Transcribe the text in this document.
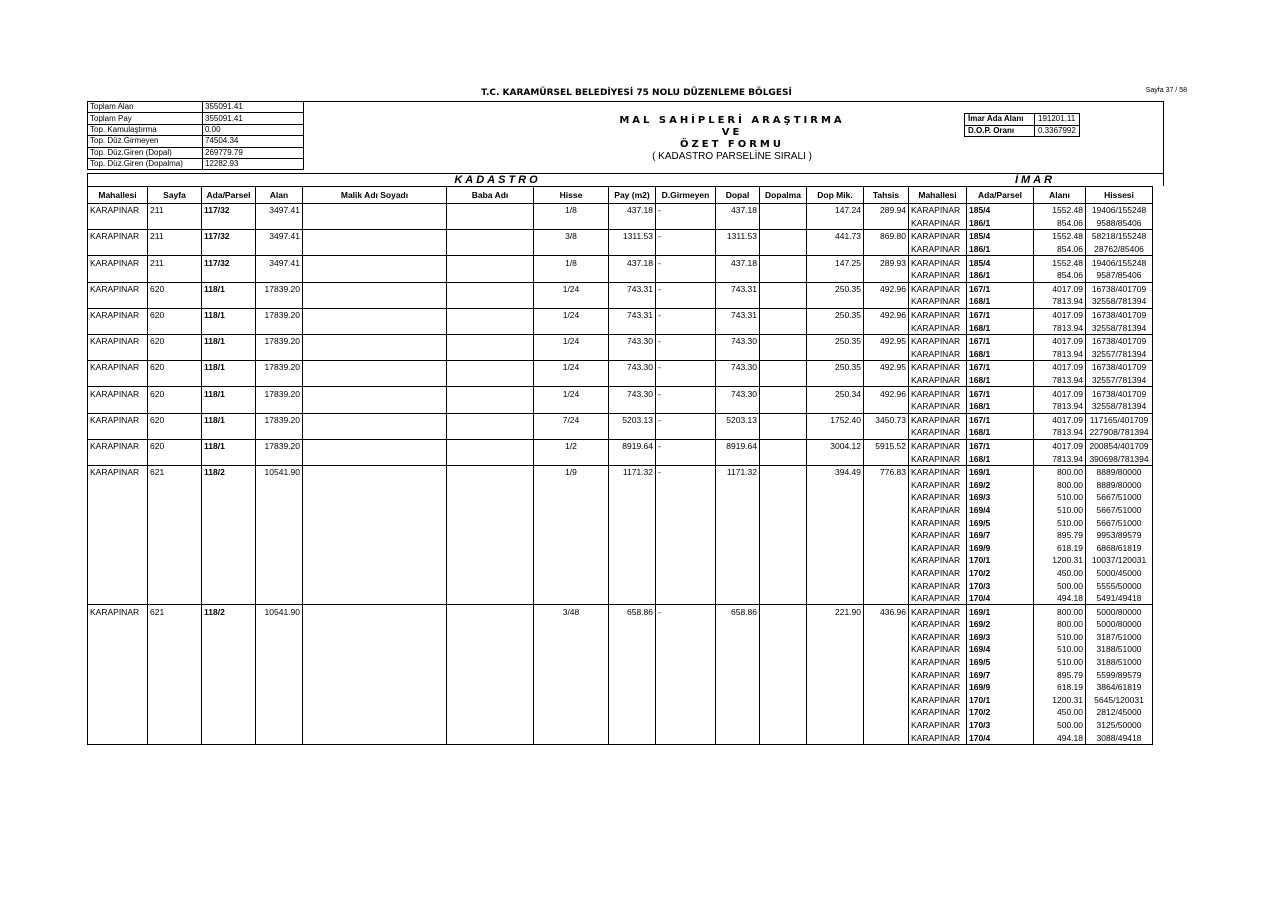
T.C. KARAMÜRSEL BELEDİYESİ 75 NOLU DÜZENLEME BÖLGESİ	Sayfa 37 / 58
Toplam Alan	355091.41
Toplam Pay	355091.41
Top. Kamulaştırma	0.00
Top. Düz.Girmeyen	74504.34
Top. Düz.Giren (Dopal)	269779.79
Top. Düz.Giren (Dopalma)	12282.93
MAL SAHİPLERİ ARAŞTIRMA
VE
ÖZET FORMU
( KADASTRO PARSELİNE SIRALI )
İmar Ada Alanı	191201.11
D.O.P. Oranı	0.3367992
KADASTRO	İMAR
Mahallesi	Sayfa	Ada/Parsel	Alan	Malik Adı Soyadı	Baba Adı	Hisse	Pay (m2)	D.Girmeyen	Dopal	Dopalma	Dop Mik.	Tahsis	Mahallesi	Ada/Parsel	Alanı	Hissesi
KARAPINAR	211	117/32	3497.41			1/8	437.18	-	437.18		147.24	289.94	KARAPINAR	185/4	1552.48	19406/155248
													KARAPINAR	186/1	854.06	9588/85406
KARAPINAR	211	117/32	3497.41			3/8	1311.53	-	1311.53		441.73	869.80	KARAPINAR	185/4	1552.48	58218/155248
													KARAPINAR	186/1	854.06	28762/85406
KARAPINAR	211	117/32	3497.41			1/8	437.18	-	437.18		147.25	289.93	KARAPINAR	185/4	1552.48	19406/155248
													KARAPINAR	186/1	854.06	9587/85406
KARAPINAR	620	118/1	17839.20			1/24	743.31	-	743.31		250.35	492.96	KARAPINAR	167/1	4017.09	16738/401709
													KARAPINAR	168/1	7813.94	32558/781394
KARAPINAR	620	118/1	17839.20			1/24	743.31	-	743.31		250.35	492.96	KARAPINAR	167/1	4017.09	16738/401709
													KARAPINAR	168/1	7813.94	32558/781394
KARAPINAR	620	118/1	17839.20			1/24	743.30	-	743.30		250.35	492.95	KARAPINAR	167/1	4017.09	16738/401709
													KARAPINAR	168/1	7813.94	32557/781394
KARAPINAR	620	118/1	17839.20			1/24	743.30	-	743.30		250.35	492.95	KARAPINAR	167/1	4017.09	16738/401709
													KARAPINAR	168/1	7813.94	32557/781394
KARAPINAR	620	118/1	17839.20			1/24	743.30	-	743.30		250.34	492.96	KARAPINAR	167/1	4017.09	16738/401709
													KARAPINAR	168/1	7813.94	32558/781394
KARAPINAR	620	118/1	17839.20			7/24	5203.13	-	5203.13		1752.40	3450.73	KARAPINAR	167/1	4017.09	117165/401709
													KARAPINAR	168/1	7813.94	227908/781394
KARAPINAR	620	118/1	17839.20			1/2	8919.64	-	8919.64		3004.12	5915.52	KARAPINAR	167/1	4017.09	200854/401709
													KARAPINAR	168/1	7813.94	390698/781394
KARAPINAR	621	118/2	10541.90			1/9	1171.32	-	1171.32		394.49	776.83	KARAPINAR	169/1	800.00	8889/80000
													KARAPINAR	169/2	800.00	8889/80000
													KARAPINAR	169/3	510.00	5667/51000
													KARAPINAR	169/4	510.00	5667/51000
													KARAPINAR	169/5	510.00	5667/51000
													KARAPINAR	169/7	895.79	9953/89579
													KARAPINAR	169/9	618.19	6868/61819
													KARAPINAR	170/1	1200.31	10037/120031
													KARAPINAR	170/2	450.00	5000/45000
													KARAPINAR	170/3	500.00	5555/50000
													KARAPINAR	170/4	494.18	5491/49418
KARAPINAR	621	118/2	10541.90			3/48	658.86	-	658.86		221.90	436.96	KARAPINAR	169/1	800.00	5000/80000
													KARAPINAR	169/2	800.00	5000/80000
													KARAPINAR	169/3	510.00	3187/51000
													KARAPINAR	169/4	510.00	3188/51000
													KARAPINAR	169/5	510.00	3188/51000
													KARAPINAR	169/7	895.79	5599/89579
													KARAPINAR	169/9	618.19	3864/61819
													KARAPINAR	170/1	1200.31	5645/120031
													KARAPINAR	170/2	450.00	2812/45000
													KARAPINAR	170/3	500.00	3125/50000
													KARAPINAR	170/4	494.18	3088/49418
